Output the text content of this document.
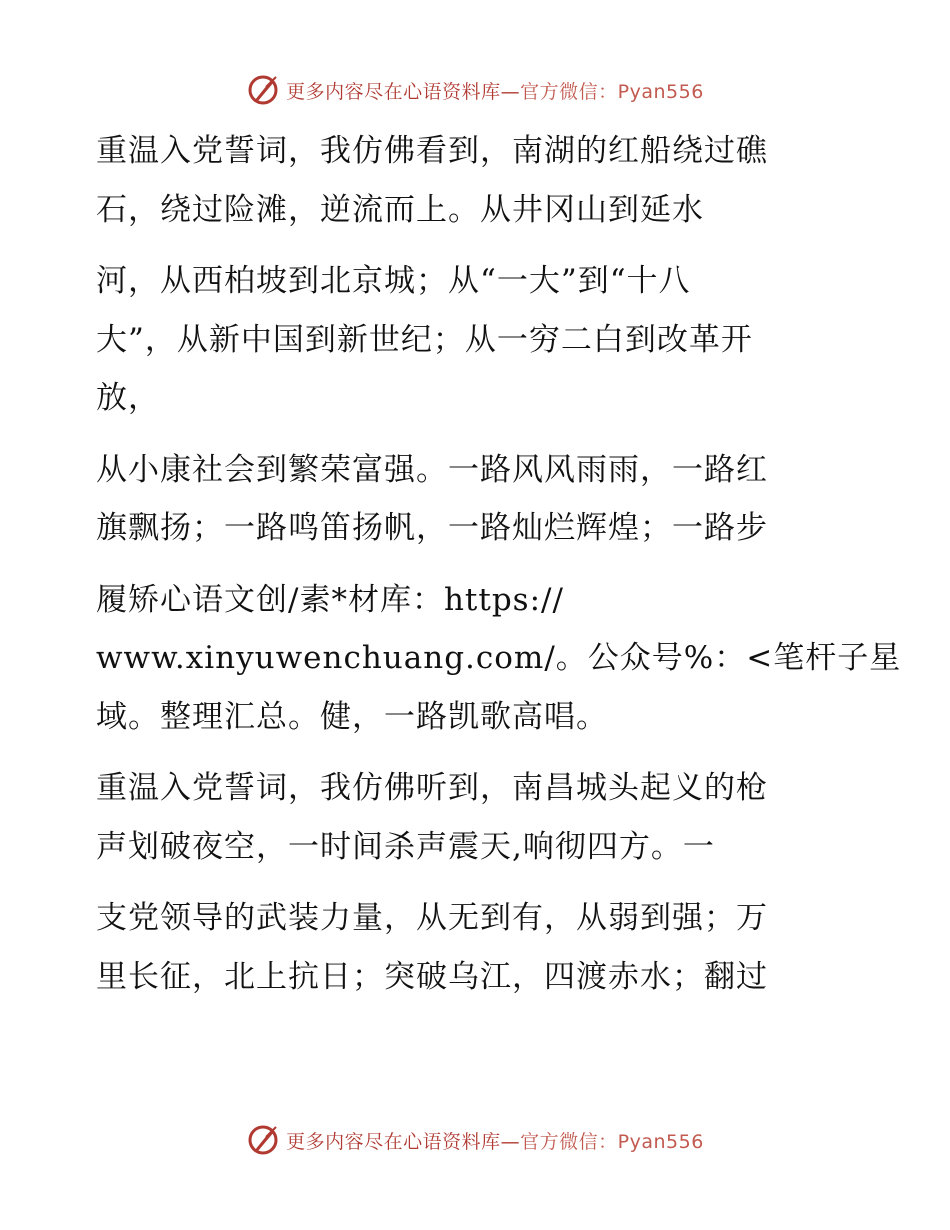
更多内容尽在心语资料库—官方微信：Pyan556

重温入党誓词，我仿佛看到，南湖的红船绕过礁
石，绕过险滩，逆流而上。从井冈山到延水

河，从西柏坡到北京城；从“一大”到“十八
大”，从新中国到新世纪；从一穷二白到改革开
放，

从小康社会到繁荣富强。一路风风雨雨，一路红
旗飘扬；一路鸣笛扬帆，一路灿烂辉煌；一路步

履矫心语文创/素*材库：https://
www.xinyuwenchuang.com/。公众号%：<笔杆子星
域。整理汇总。健，一路凯歌高唱。

重温入党誓词，我仿佛听到，南昌城头起义的枪
声划破夜空，一时间杀声震天,响彻四方。一

支党领导的武装力量，从无到有，从弱到强；万
里长征，北上抗日；突破乌江，四渡赤水；翻过

更多内容尽在心语资料库—官方微信：Pyan556
